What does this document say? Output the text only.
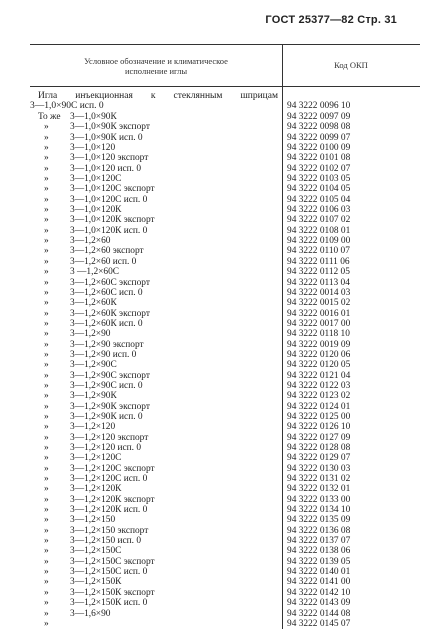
ГОСТ 25377—82 Стр. 31
Условное обозначение и климатическое
исполнение иглы
Код ОКП
Игла инъекционная к стеклянным шприцам
3—1,0×90С исп. 0	94 3222 0096 10
То же 3—1,0×90К	94 3222 0097 09
» 3—1,0×90К экспорт	94 3222 0098 08
» 3—1,0×90К исп. 0	94 3222 0099 07
» 3—1,0×120	94 3222 0100 09
» 3—1,0×120 экспорт	94 3222 0101 08
» 3—1,0×120 исп. 0	94 3222 0102 07
» 3—1,0×120С	94 3222 0103 05
» 3—1,0×120С экспорт	94 3222 0104 05
» 3—1,0×120С исп. 0	94 3222 0105 04
» 3—1,0×120К	94 3222 0106 03
» 3—1,0×120К экспорт	94 3222 0107 02
» 3—1,0×120К исп. 0	94 3222 0108 01
» 3—1,2×60	94 3222 0109 00
» 3—1,2×60 экспорт	94 3222 0110 07
» 3—1,2×60 исп. 0	94 3222 0111 06
» 3 —1,2×60С	94 3222 0112 05
» 3—1,2×60С экспорт	94 3222 0113 04
» 3—1,2×60С исп. 0	94 3222 0014 03
» 3—1,2×60К	94 3222 0015 02
» 3—1,2×60К экспорт	94 3222 0016 01
» 3—1,2×60К исп. 0	94 3222 0017 00
» 3—1,2×90	94 3222 0118 10
» 3—1,2×90 экспорт	94 3222 0019 09
» 3—1,2×90 исп. 0	94 3222 0120 06
» 3—1,2×90С	94 3222 0120 05
» 3—1,2×90С экспорт	94 3222 0121 04
» 3—1,2×90С исп. 0	94 3222 0122 03
» 3—1,2×90К	94 3222 0123 02
» 3—1,2×90К экспорт	94 3222 0124 01
» 3—1,2×90К исп. 0	94 3222 0125 00
» 3—1,2×120	94 3222 0126 10
» 3—1,2×120 экспорт	94 3222 0127 09
» 3—1,2×120 исп. 0	94 3222 0128 08
» 3—1,2×120С	94 3222 0129 07
» 3—1,2×120С экспорт	94 3222 0130 03
» 3—1,2×120С исп. 0	94 3222 0131 02
» 3—1,2×120К	94 3222 0132 01
» 3—1,2×120К экспорт	94 3222 0133 00
» 3—1,2×120К исп. 0	94 3222 0134 10
» 3—1,2×150	94 3222 0135 09
» 3—1,2×150 экспорт	94 3222 0136 08
» 3—1,2×150 исп. 0	94 3222 0137 07
» 3—1,2×150С	94 3222 0138 06
» 3—1,2×150С экспорт	94 3222 0139 05
» 3—1,2×150С исп. 0	94 3222 0140 01
» 3—1,2×150К	94 3222 0141 00
» 3—1,2×150К экспорт	94 3222 0142 10
» 3—1,2×150К исп. 0	94 3222 0143 09
» 3—1,6×90	94 3222 0144 08
»	94 3222 0145 07
